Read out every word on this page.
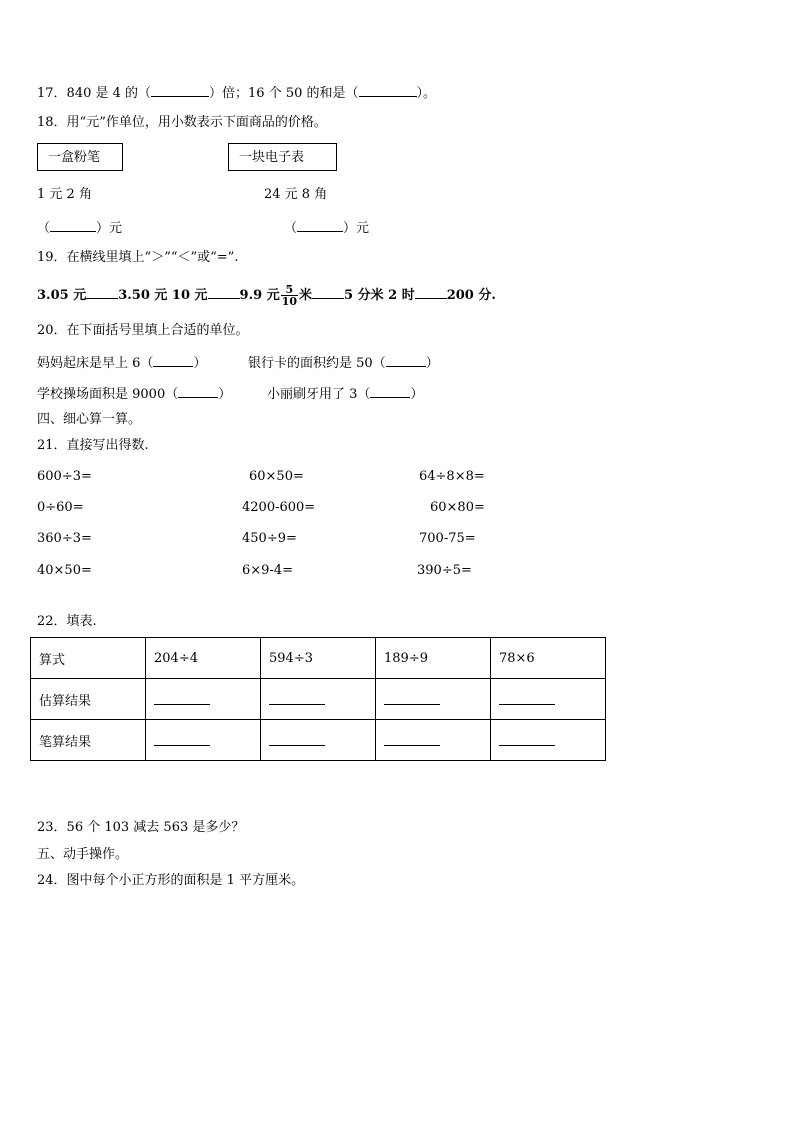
17．840 是 4 的（	）倍；16 个 50 的和是（	）。
18．用“元”作单位，用小数表示下面商品的价格。
一盒粉笔	一块电子表
1 元 2 角	24 元 8 角
（	）元	（	）元
19．在横线里填上“＞”“＜”或“=”.
3.05 元 3.50 元 10 元 9.9 元 $\frac{5}{10}$ 米 5 分米 2 时 200 分.
20．在下面括号里填上合适的单位。
妈妈起床是早上 6（	）	银行卡的面积约是 50（	）
学校操场面积是 9000（	）	小丽刷牙用了 3（	）
四、细心算一算。
21．直接写出得数.
600÷3=	60×50=	64÷8×8=
0÷60=	4200-600=	60×80=
360÷3=	450÷9=	700-75=
40×50=	6×9-4=	390÷5=
22．填表.
算式	204÷4	594÷3	189÷9	78×6
估算结果				
笔算结果				
23．56 个 103 减去 563 是多少？
五、动手操作。
24．图中每个小正方形的面积是 1 平方厘米。
